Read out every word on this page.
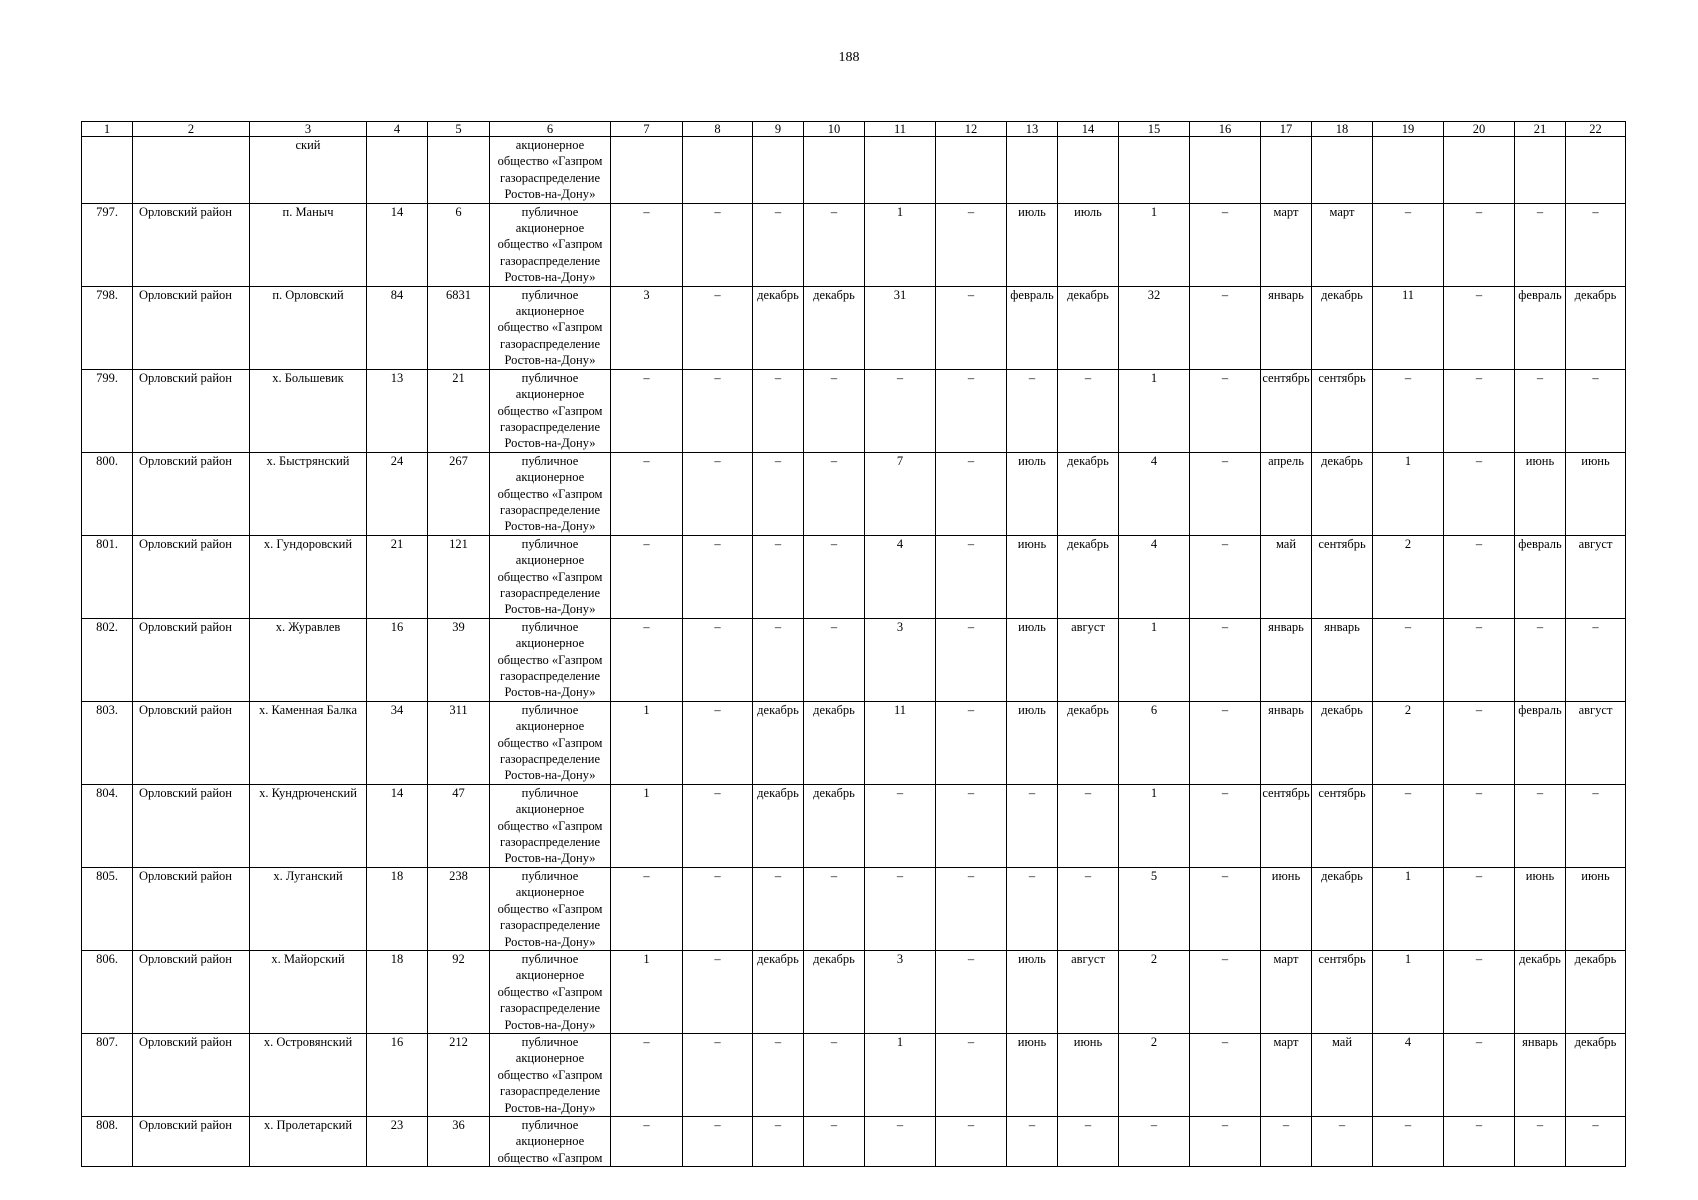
188
1	2	3	4	5	6	7	8	9	10	11	12	13	14	15	16	17	18	19	20	21	22
		ский			акционерное общество «Газпром газораспределение Ростов-на-Дону»																
797.	Орловский район	п. Маныч	14	6	публичное акционерное общество «Газпром газораспределение Ростов-на-Дону»	–	–	–	–	1	–	июль	июль	1	–	март	март	–	–	–	–
798.	Орловский район	п. Орловский	84	6831	публичное акционерное общество «Газпром газораспределение Ростов-на-Дону»	3	–	декабрь	декабрь	31	–	февраль	декабрь	32	–	январь	декабрь	11	–	февраль	декабрь
799.	Орловский район	х. Большевик	13	21	публичное акционерное общество «Газпром газораспределение Ростов-на-Дону»	–	–	–	–	–	–	–	–	1	–	сентябрь	сентябрь	–	–	–	–
800.	Орловский район	х. Быстрянский	24	267	публичное акционерное общество «Газпром газораспределение Ростов-на-Дону»	–	–	–	–	7	–	июль	декабрь	4	–	апрель	декабрь	1	–	июнь	июнь
801.	Орловский район	х. Гундоровский	21	121	публичное акционерное общество «Газпром газораспределение Ростов-на-Дону»	–	–	–	–	4	–	июнь	декабрь	4	–	май	сентябрь	2	–	февраль	август
802.	Орловский район	х. Журавлев	16	39	публичное акционерное общество «Газпром газораспределение Ростов-на-Дону»	–	–	–	–	3	–	июль	август	1	–	январь	январь	–	–	–	–
803.	Орловский район	х. Каменная Балка	34	311	публичное акционерное общество «Газпром газораспределение Ростов-на-Дону»	1	–	декабрь	декабрь	11	–	июль	декабрь	6	–	январь	декабрь	2	–	февраль	август
804.	Орловский район	х. Кундрюченский	14	47	публичное акционерное общество «Газпром газораспределение Ростов-на-Дону»	1	–	декабрь	декабрь	–	–	–	–	1	–	сентябрь	сентябрь	–	–	–	–
805.	Орловский район	х. Луганский	18	238	публичное акционерное общество «Газпром газораспределение Ростов-на-Дону»	–	–	–	–	–	–	–	–	5	–	июнь	декабрь	1	–	июнь	июнь
806.	Орловский район	х. Майорский	18	92	публичное акционерное общество «Газпром газораспределение Ростов-на-Дону»	1	–	декабрь	декабрь	3	–	июль	август	2	–	март	сентябрь	1	–	декабрь	декабрь
807.	Орловский район	х. Островянский	16	212	публичное акционерное общество «Газпром газораспределение Ростов-на-Дону»	–	–	–	–	1	–	июнь	июнь	2	–	март	май	4	–	январь	декабрь
808.	Орловский район	х. Пролетарский	23	36	публичное акционерное общество «Газпром	–	–	–	–	–	–	–	–	–	–	–	–	–	–	–	–
